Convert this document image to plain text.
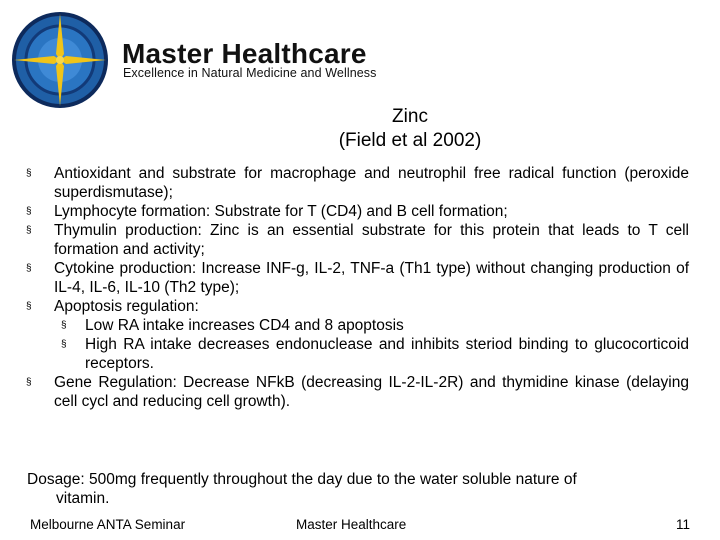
Master Healthcare
Excellence in Natural Medicine and Wellness
Zinc
(Field et al 2002)
§ Antioxidant and substrate for macrophage and neutrophil free radical function (peroxide superdismutase);
§ Lymphocyte formation: Substrate for T (CD4) and B cell formation;
§ Thymulin production: Zinc is an essential substrate for this protein that leads to T cell formation and activity;
§ Cytokine production: Increase INF-g, IL-2, TNF-a (Th1 type) without changing production of IL-4, IL-6, IL-10 (Th2 type);
§ Apoptosis regulation:
§ Low RA intake increases CD4 and 8 apoptosis
§ High RA intake decreases endonuclease and inhibits steriod binding to glucocorticoid receptors.
§ Gene Regulation: Decrease NFkB (decreasing IL-2-IL-2R) and thymidine kinase (delaying cell cycl and reducing cell growth).
Dosage: 500mg frequently throughout the day due to the water soluble nature of
vitamin.
Melbourne ANTA Seminar	Master Healthcare	11
